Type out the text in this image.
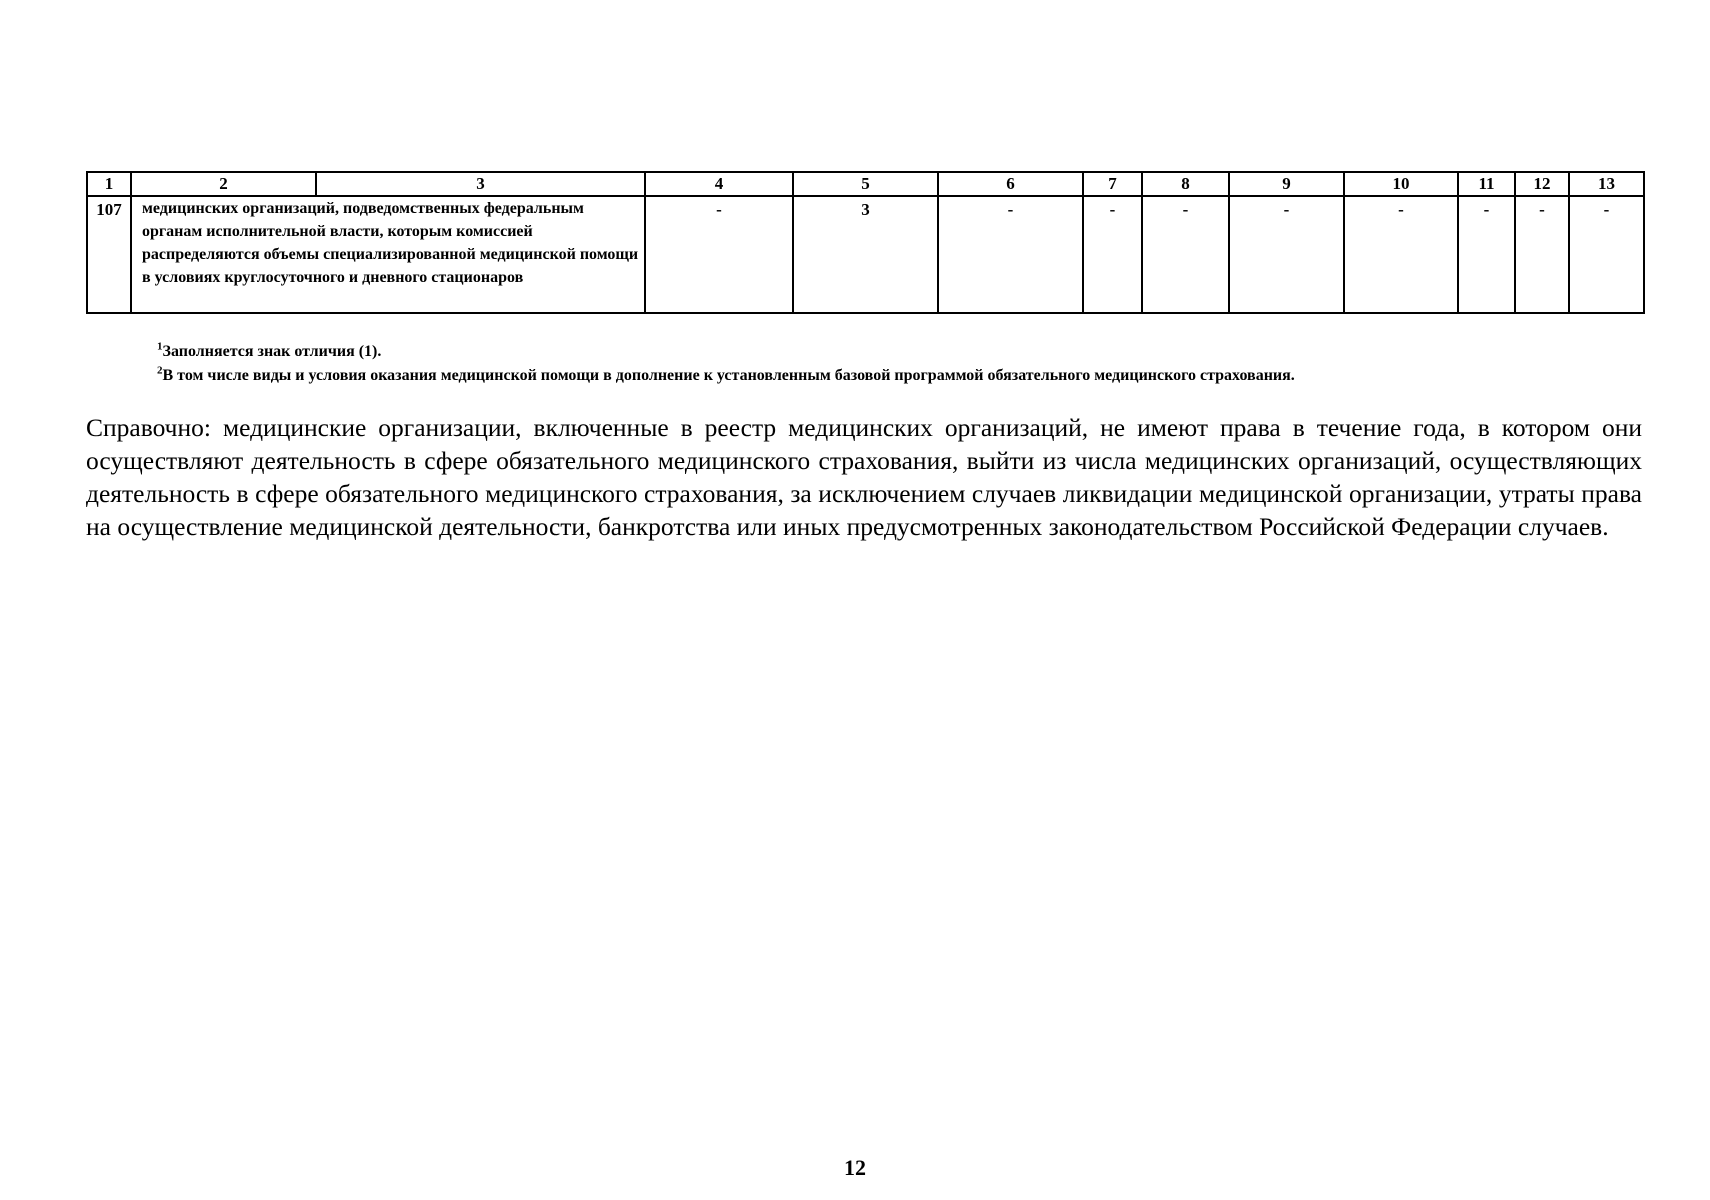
1	2	3	4	5	6	7	8	9	10	11	12	13
107	медицинских организаций, подведомственных федеральным органам исполнительной власти, которым комиссией распределяются объемы специализированной медицинской помощи в условиях круглосуточного и дневного стационаров		-	3	-	-	-	-	-	-	-	-
$^1$Заполняется знак отличия (1).
$^2$В том числе виды и условия оказания медицинской помощи в дополнение к установленным базовой программой обязательного медицинского страхования.
Справочно: медицинские организации, включенные в реестр медицинских организаций, не имеют права в течение года, в котором они осуществляют деятельность в сфере обязательного медицинского страхования, выйти из числа медицинских организаций, осуществляющих деятельность в сфере обязательного медицинского страхования, за исключением случаев ликвидации медицинской организации, утраты права на осуществление медицинской деятельности, банкротства или иных предусмотренных законодательством Российской Федерации случаев.
12
